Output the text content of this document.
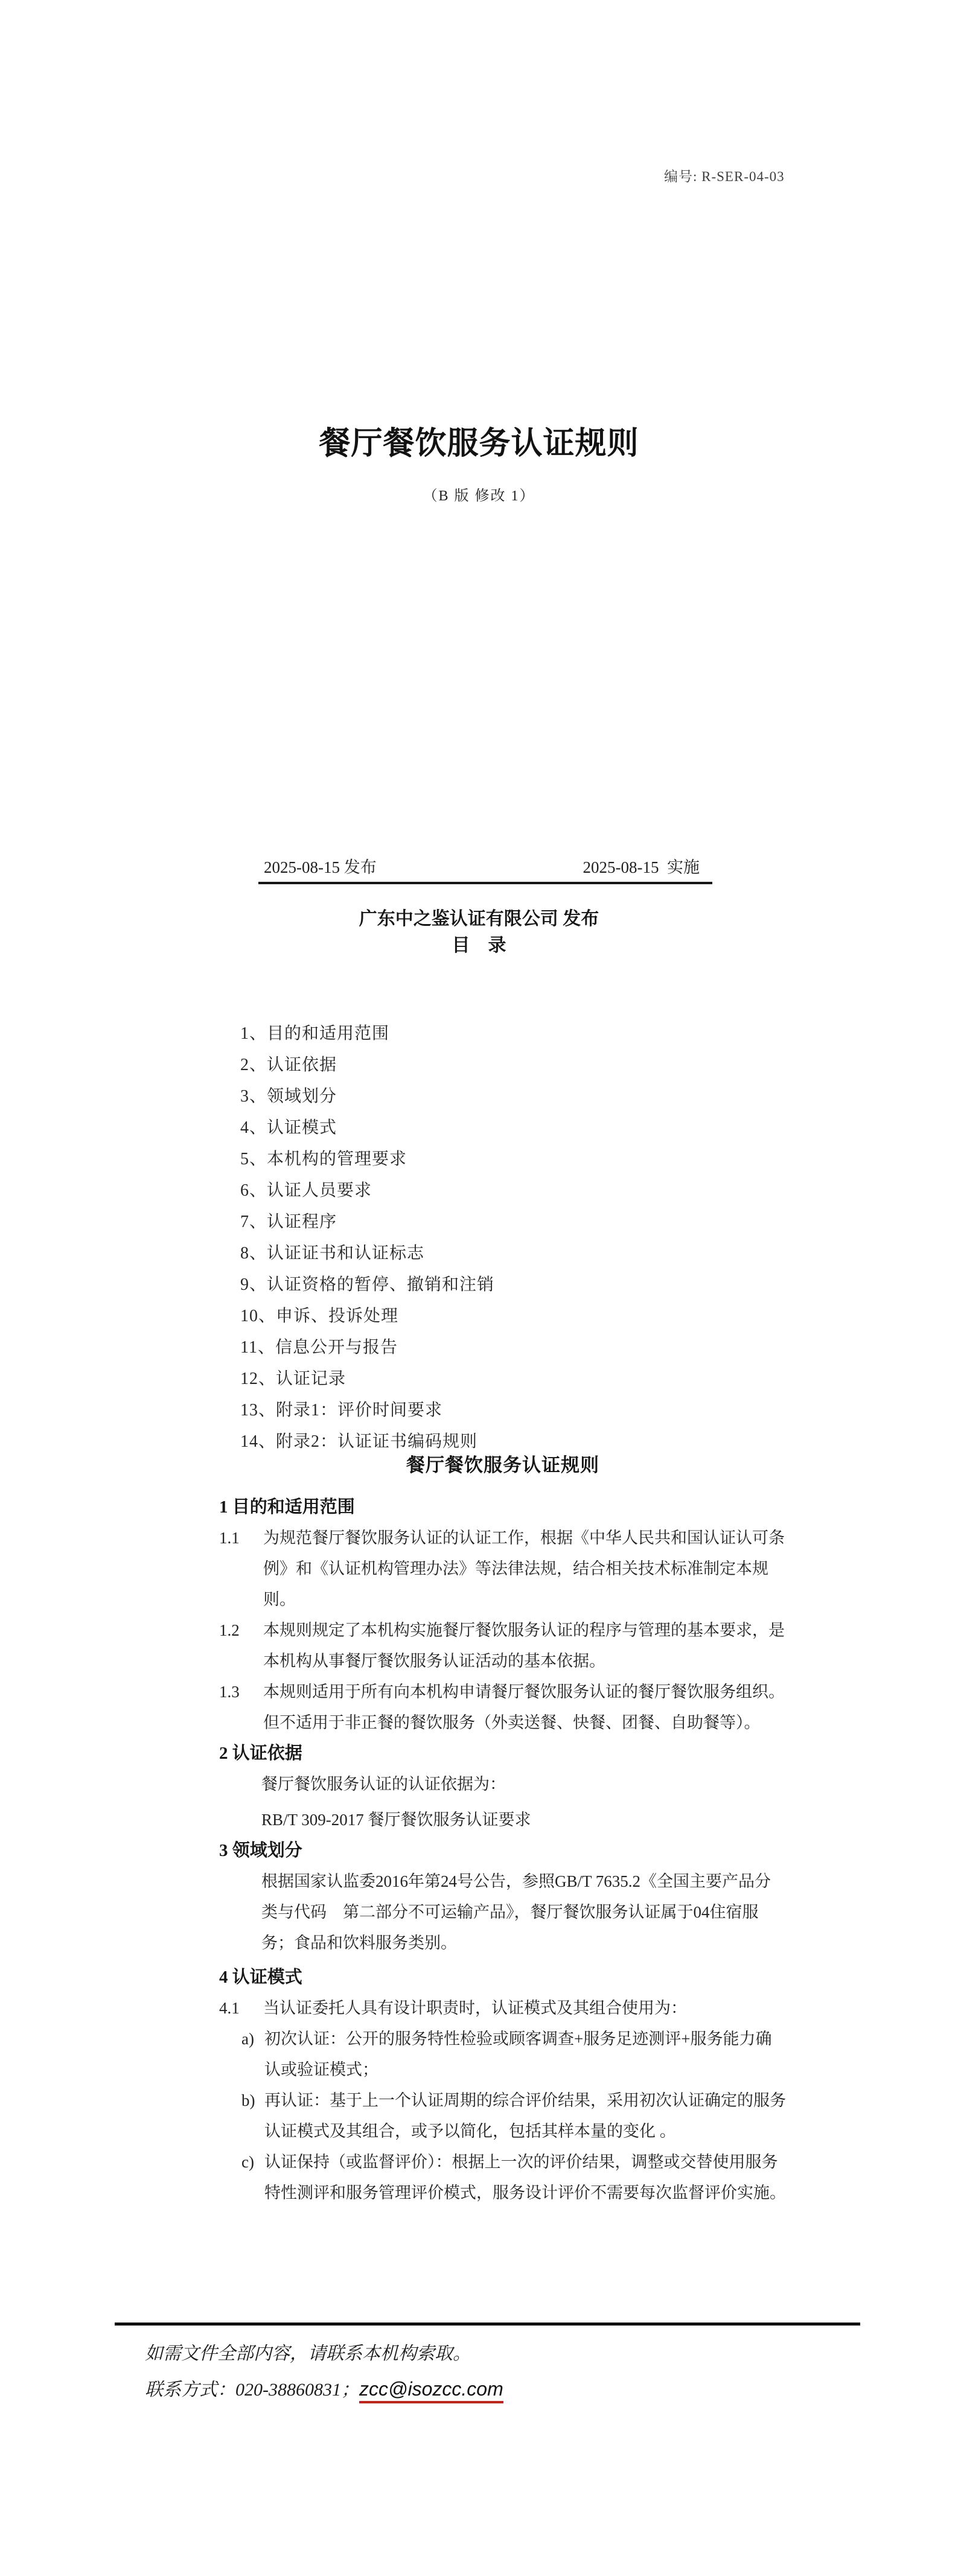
编号: R-SER-04-03
餐厅餐饮服务认证规则
（B 版 修改 1）
2025-08-15 发布	2025-08-15  实施
广东中之鉴认证有限公司 发布
目　录
1、目的和适用范围
2、认证依据
3、领域划分
4、认证模式
5、本机构的管理要求
6、认证人员要求
7、认证程序
8、认证证书和认证标志
9、认证资格的暂停、撤销和注销
10、申诉、投诉处理
11、信息公开与报告
12、认证记录
13、附录1：评价时间要求
14、附录2：认证证书编码规则
餐厅餐饮服务认证规则
1 目的和适用范围
1.1 为规范餐厅餐饮服务认证的认证工作，根据《中华人民共和国认证认可条例》和《认证机构管理办法》等法律法规，结合相关技术标准制定本规则。
1.2 本规则规定了本机构实施餐厅餐饮服务认证的程序与管理的基本要求，是本机构从事餐厅餐饮服务认证活动的基本依据。
1.3 本规则适用于所有向本机构申请餐厅餐饮服务认证的餐厅餐饮服务组织。但不适用于非正餐的餐饮服务（外卖送餐、快餐、团餐、自助餐等）。
2 认证依据
餐厅餐饮服务认证的认证依据为：
RB/T 309-2017 餐厅餐饮服务认证要求
3 领域划分
根据国家认监委2016年第24号公告，参照GB/T 7635.2《全国主要产品分类与代码　第二部分不可运输产品》，餐厅餐饮服务认证属于04住宿服务；食品和饮料服务类别。
4 认证模式
4.1 当认证委托人具有设计职责时，认证模式及其组合使用为：
a) 初次认证：公开的服务特性检验或顾客调查+服务足迹测评+服务能力确认或验证模式；
b) 再认证：基于上一个认证周期的综合评价结果，采用初次认证确定的服务认证模式及其组合，或予以简化，包括其样本量的变化 。
c) 认证保持（或监督评价）：根据上一次的评价结果，调整或交替使用服务特性测评和服务管理评价模式，服务设计评价不需要每次监督评价实施。
如需文件全部内容，请联系本机构索取。
联系方式：020-38860831；zcc@isozcc.com
